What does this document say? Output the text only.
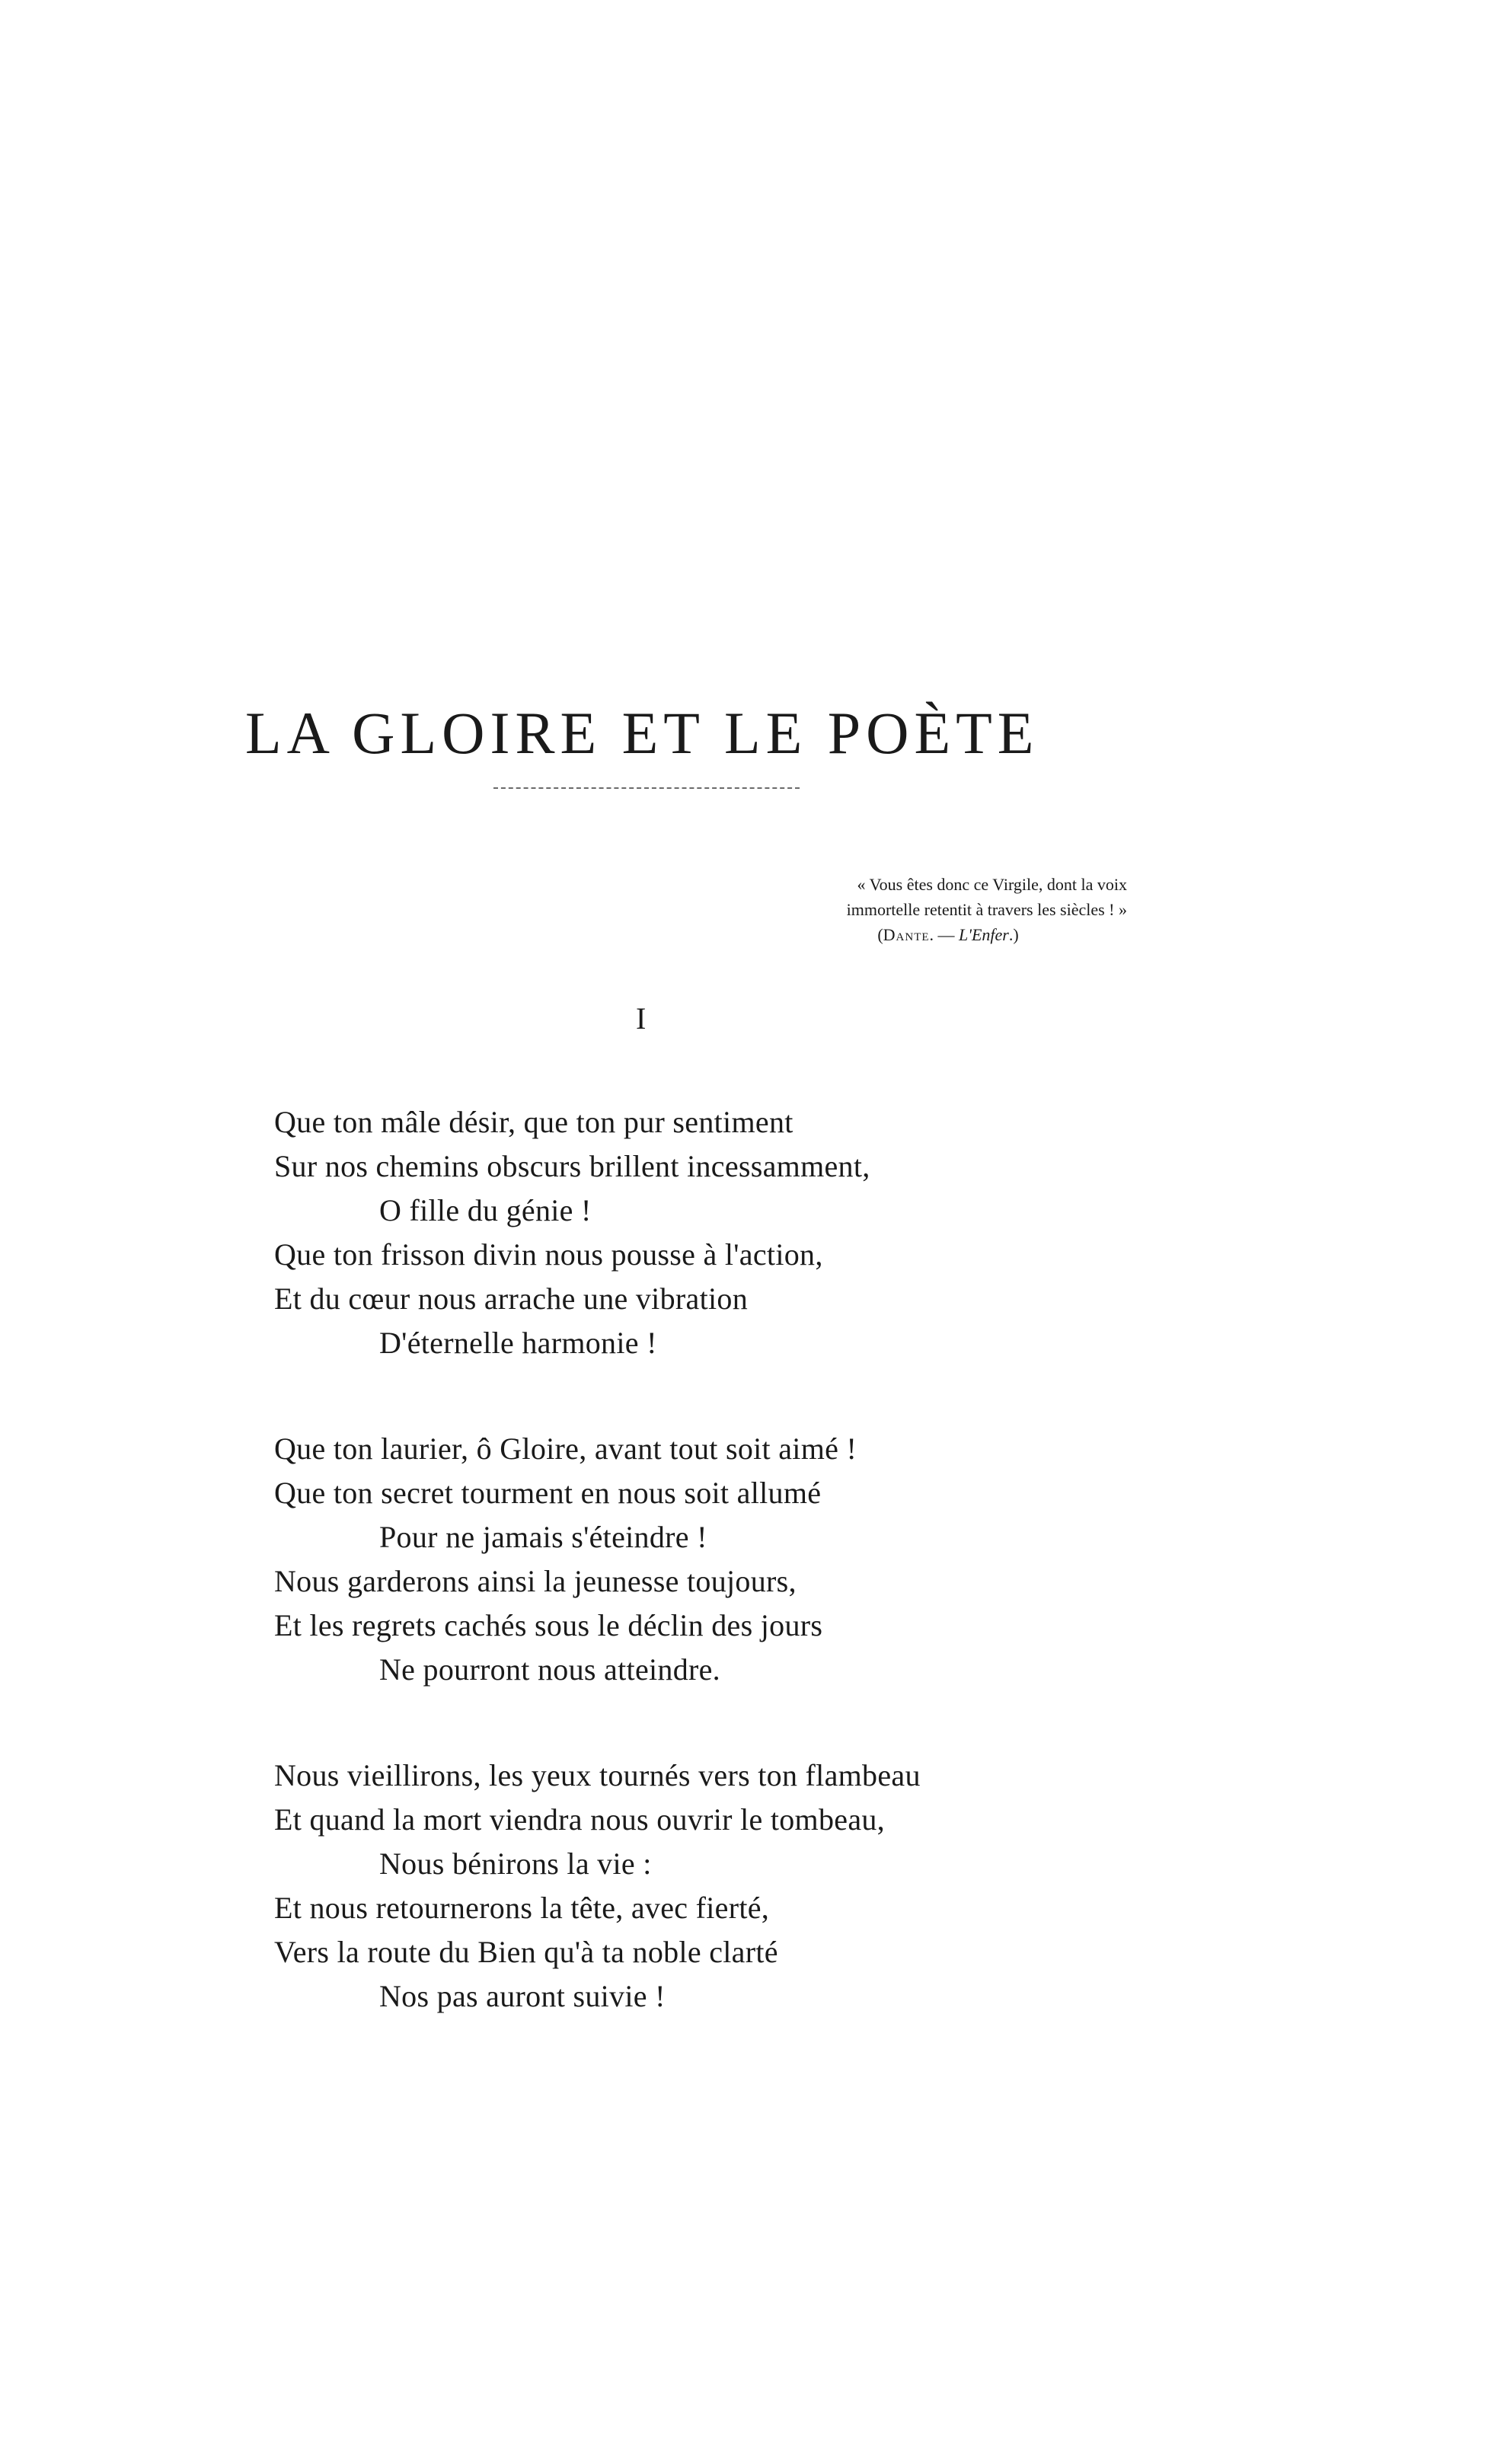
LA GLOIRE ET LE POÈTE
« Vous êtes donc ce Virgile, dont la voix
immortelle retentit à travers les siècles ! »
(Dante. — L'Enfer.)
I
Que ton mâle désir, que ton pur sentiment
Sur nos chemins obscurs brillent incessamment,
O fille du génie !
Que ton frisson divin nous pousse à l'action,
Et du cœur nous arrache une vibration
D'éternelle harmonie !
Que ton laurier, ô Gloire, avant tout soit aimé !
Que ton secret tourment en nous soit allumé
Pour ne jamais s'éteindre !
Nous garderons ainsi la jeunesse toujours,
Et les regrets cachés sous le déclin des jours
Ne pourront nous atteindre.
Nous vieillirons, les yeux tournés vers ton flambeau
Et quand la mort viendra nous ouvrir le tombeau,
Nous bénirons la vie :
Et nous retournerons la tête, avec fierté,
Vers la route du Bien qu'à ta noble clarté
Nos pas auront suivie !
